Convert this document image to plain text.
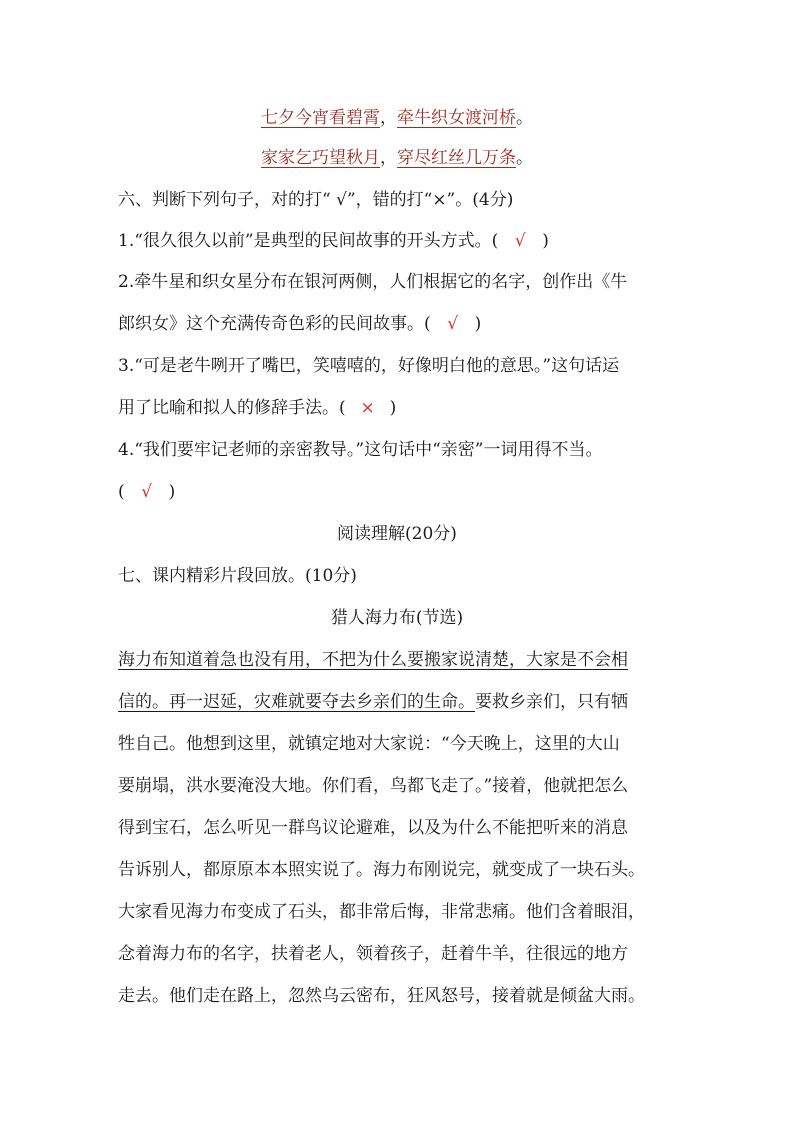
七夕今宵看碧霄，牵牛织女渡河桥。
家家乞巧望秋月，穿尽红丝几万条。
六、判断下列句子，对的打“ √”，错的打“×”。(4分)
1.“很久很久以前”是典型的民间故事的开头方式。( √ )
2.牵牛星和织女星分布在银河两侧，人们根据它的名字，创作出《牛
郎织女》这个充满传奇色彩的民间故事。( √ )
3.“可是老牛咧开了嘴巴，笑嘻嘻的，好像明白他的意思。”这句话运
用了比喻和拟人的修辞手法。( × )
4.“我们要牢记老师的亲密教导。”这句话中“亲密”一词用得不当。
( √ )
阅读理解(20分)
七、课内精彩片段回放。(10分)
猎人海力布(节选)
海力布知道着急也没有用，不把为什么要搬家说清楚，大家是不会相
信的。再一迟延，灾难就要夺去乡亲们的生命。要救乡亲们，只有牺
牲自己。他想到这里，就镇定地对大家说：“今天晚上，这里的大山
要崩塌，洪水要淹没大地。你们看，鸟都飞走了。”接着，他就把怎么
得到宝石，怎么听见一群鸟议论避难，以及为什么不能把听来的消息
告诉别人，都原原本本照实说了。海力布刚说完，就变成了一块石头。
大家看见海力布变成了石头，都非常后悔，非常悲痛。他们含着眼泪，
念着海力布的名字，扶着老人，领着孩子，赶着牛羊，往很远的地方
走去。他们走在路上，忽然乌云密布，狂风怒号，接着就是倾盆大雨。
